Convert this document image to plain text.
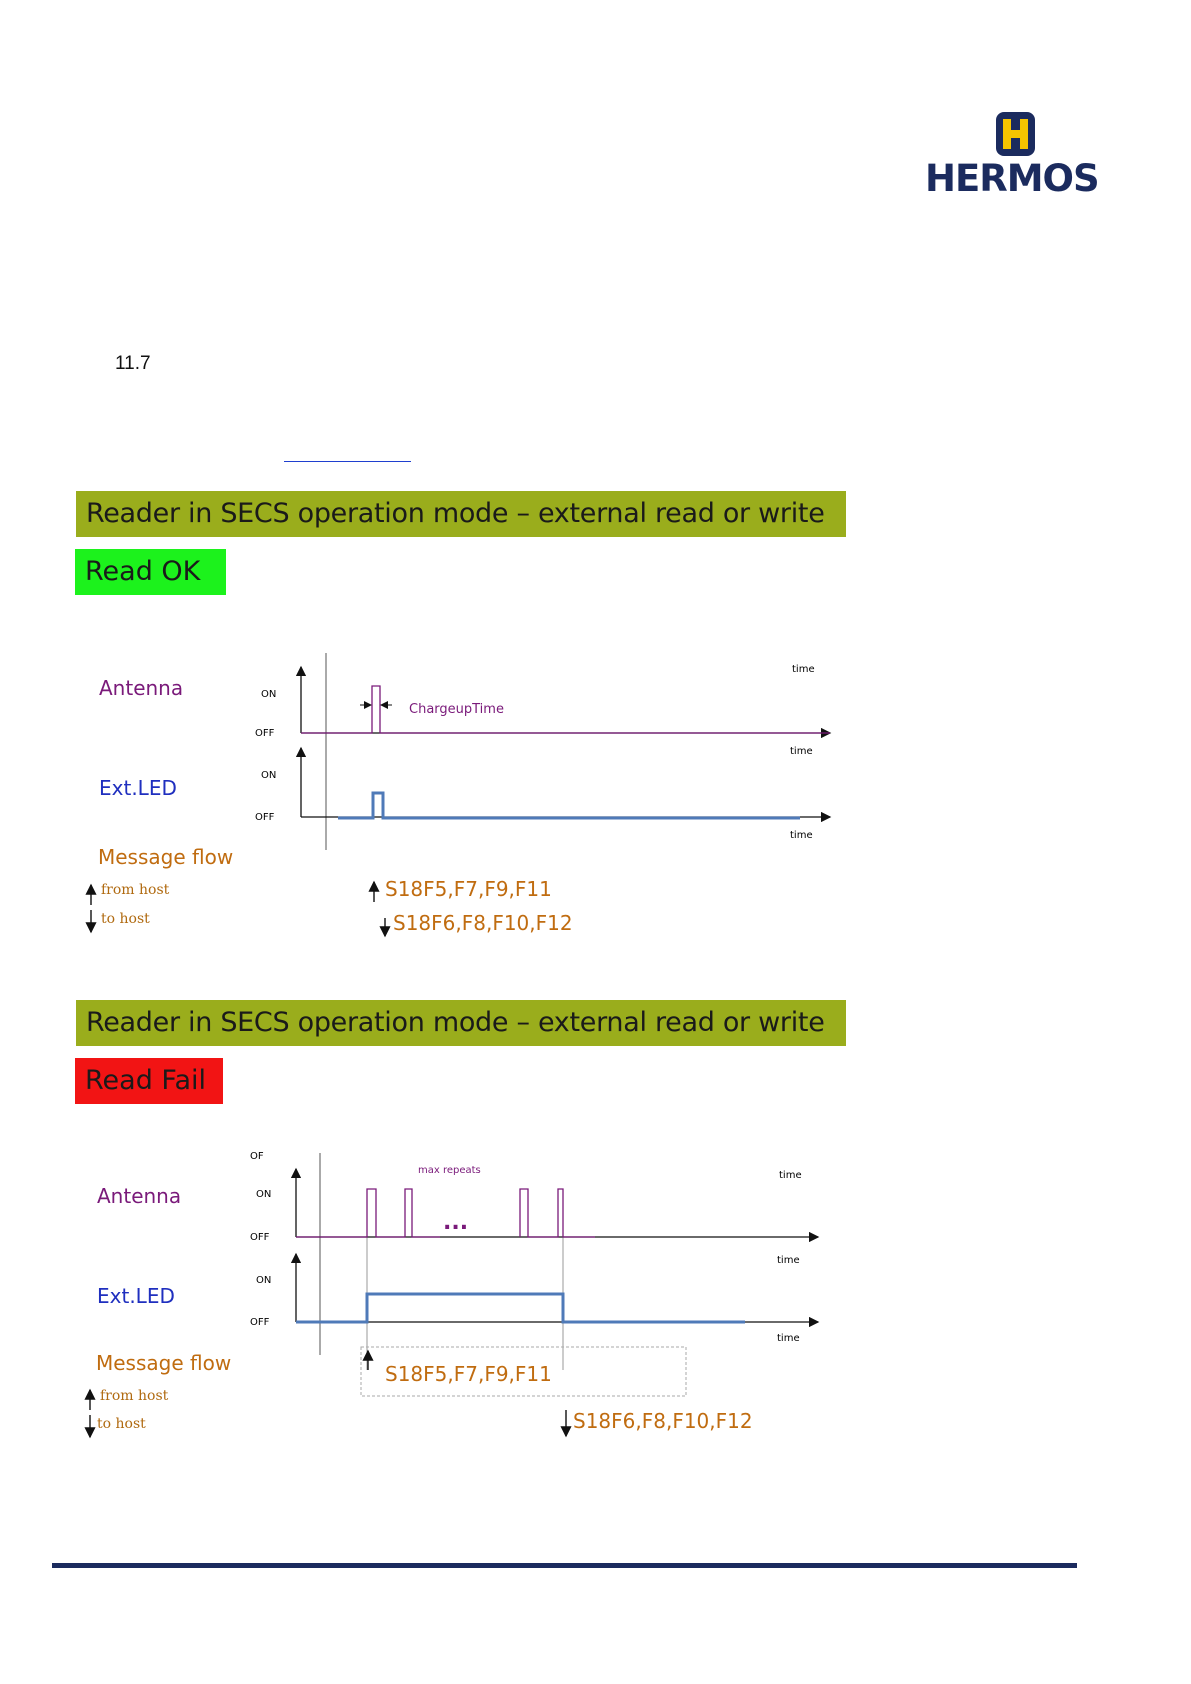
HERMOS
11.7
Reader in SECS operation mode – external read or write
Read OK
Antenna
Ext.LED
Message flow
from host
to host
ON
OFF
time
ChargeupTime
time
ON
OFF
time
S18F5,F7,F9,F11
S18F6,F8,F10,F12
Reader in SECS operation mode – external read or write
Read Fail
Antenna
Ext.LED
Message flow
from host
to host
OF
ON
OFF
time
max repeats
...
time
ON
OFF
time
S18F5,F7,F9,F11
S18F6,F8,F10,F12
